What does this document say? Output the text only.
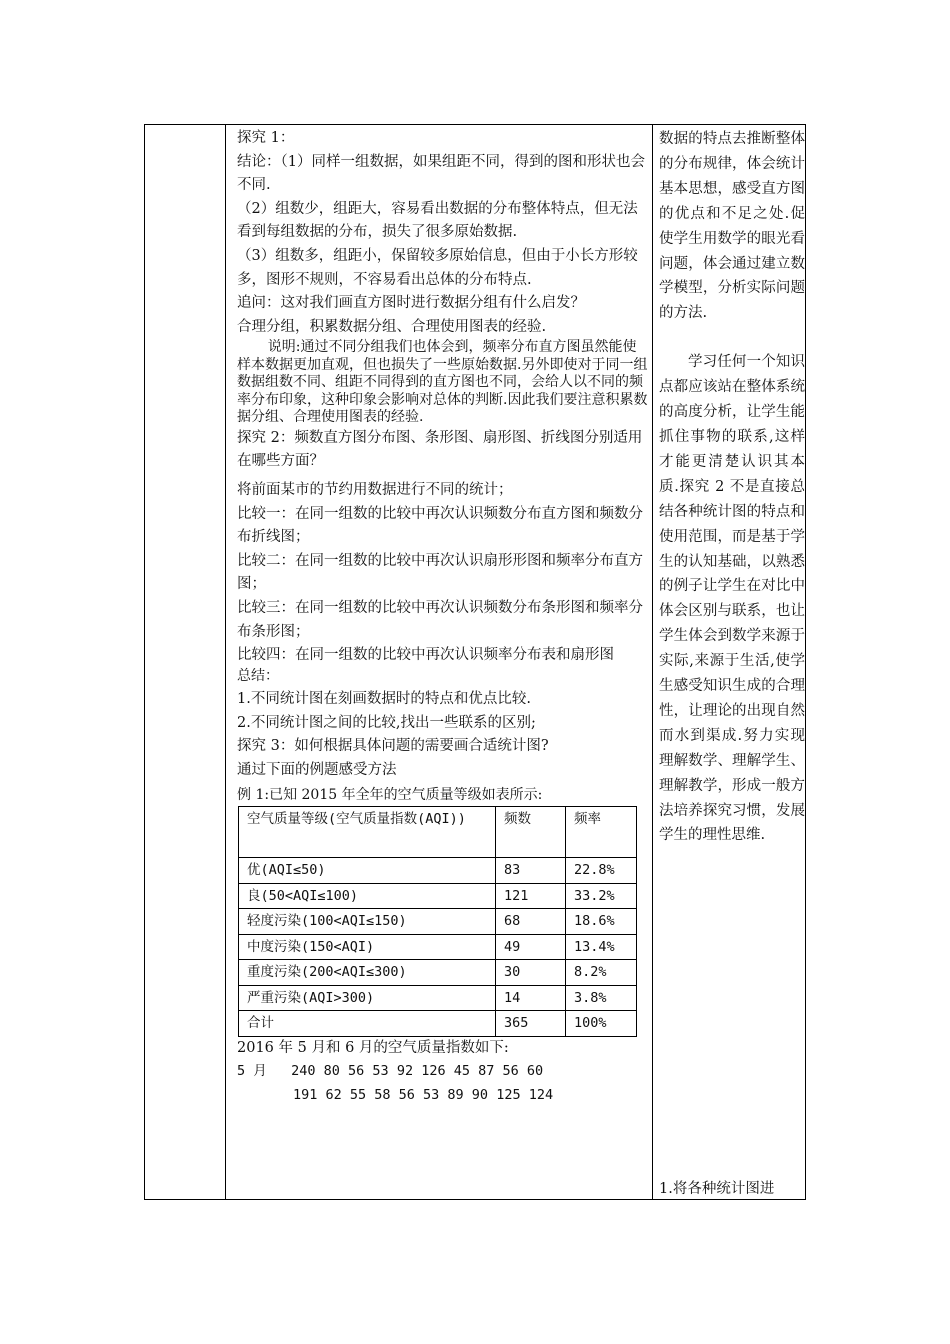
探究 1：

结论：（1）同样一组数据，如果组距不同，得到的图和形状也会不同.

（2）组数少，组距大，容易看出数据的分布整体特点，但无法看到每组数据的分布，损失了很多原始数据.

（3）组数多，组距小，保留较多原始信息，但由于小长方形较多，图形不规则，不容易看出总体的分布特点.

追问：这对我们画直方图时进行数据分组有什么启发？

合理分组，积累数据分组、合理使用图表的经验.

说明:通过不同分组我们也体会到，频率分布直方图虽然能使样本数据更加直观，但也损失了一些原始数据.另外即使对于同一组数据组数不同、组距不同得到的直方图也不同，会给人以不同的频率分布印象，这种印象会影响对总体的判断.因此我们要注意积累数据分组、合理使用图表的经验.

探究 2：频数直方图分布图、条形图、扇形图、折线图分别适用在哪些方面？

将前面某市的节约用数据进行不同的统计；

比较一：在同一组数的比较中再次认识频数分布直方图和频数分布折线图；

比较二：在同一组数的比较中再次认识扇形形图和频率分布直方图；

比较三：在同一组数的比较中再次认识频数分布条形图和频率分布条形图；

比较四：在同一组数的比较中再次认识频率分布表和扇形图

总结：

1.不同统计图在刻画数据时的特点和优点比较.

2.不同统计图之间的比较,找出一些联系的区别;

探究 3：如何根据具体问题的需要画合适统计图?

通过下面的例题感受方法

例 1:已知 2015 年全年的空气质量等级如表所示:

空气质量等级(空气质量指数(AQI))	频数	频率
优(AQI≤50)	83	22.8%
良(50<AQI≤100)	121	33.2%
轻度污染(100<AQI≤150)	68	18.6%
中度污染(150<AQI)	49	13.4%
重度污染(200<AQI≤300)	30	8.2%
严重污染(AQI>300)	14	3.8%
合计	365	100%

2016 年 5 月和 6 月的空气质量指数如下:

5 月 240 80 56 53 92 126 45 87 56 60

191 62 55 58 56 53 89 90 125 124

数据的特点去推断整体的分布规律，体会统计基本思想，感受直方图的优点和不足之处.促使学生用数学的眼光看问题，体会通过建立数学模型，分析实际问题的方法.

学习任何一个知识点都应该站在整体系统的高度分析，让学生能抓住事物的联系,这样才能更清楚认识其本质.探究 2 不是直接总结各种统计图的特点和使用范围，而是基于学生的认知基础，以熟悉的例子让学生在对比中体会区别与联系，也让学生体会到数学来源于实际,来源于生活,使学生感受知识生成的合理性，让理论的出现自然而水到渠成.努力实现理解数学、理解学生、理解教学，形成一般方法培养探究习惯，发展学生的理性思维.

1.将各种统计图进
